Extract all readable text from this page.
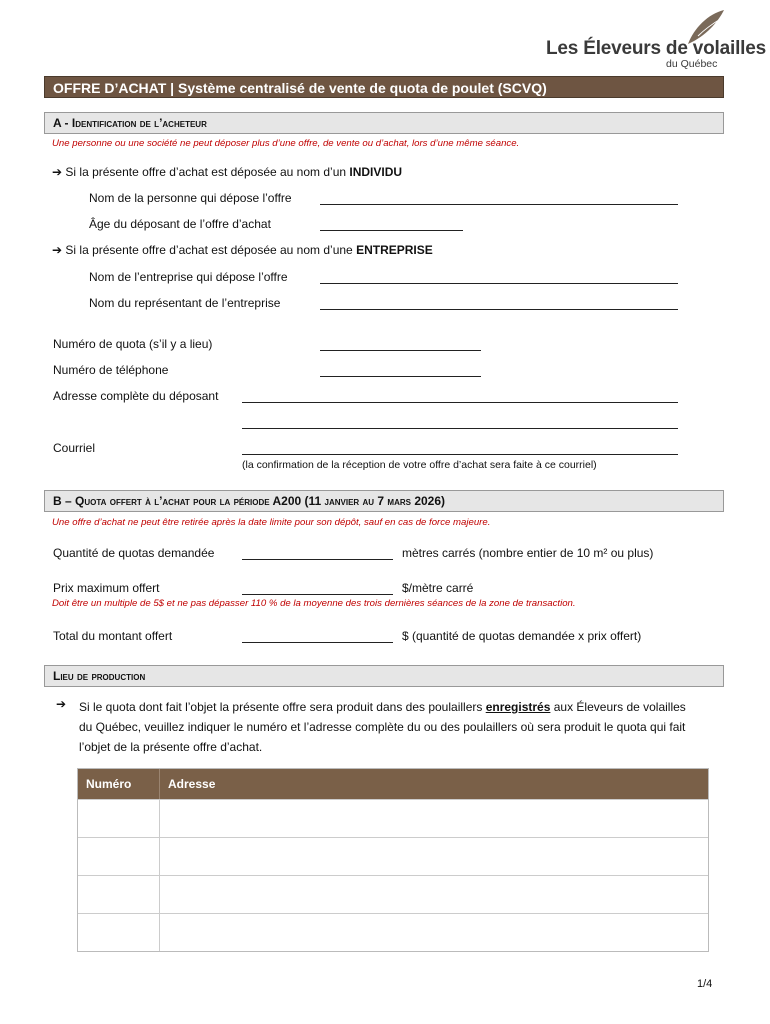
Les Éleveurs de volailles
du Québec
OFFRE D’ACHAT | Système centralisé de vente de quota de poulet (SCVQ)
A - Identification de l’acheteur
Une personne ou une société ne peut déposer plus d’une offre, de vente ou d’achat, lors d’une même séance.
➔ Si la présente offre d’achat est déposée au nom d’un INDIVIDU
Nom de la personne qui dépose l’offre
Âge du déposant de l’offre d’achat
➔ Si la présente offre d’achat est déposée au nom d’une ENTREPRISE
Nom de l’entreprise qui dépose l’offre
Nom du représentant de l’entreprise
Numéro de quota (s’il y a lieu)
Numéro de téléphone
Adresse complète du déposant
Courriel
(la confirmation de la réception de votre offre d’achat sera faite à ce courriel)
B – Quota offert à l’achat pour la période A200 (11 janvier au 7 mars 2026)
Une offre d’achat ne peut être retirée après la date limite pour son dépôt, sauf en cas de force majeure.
Quantité de quotas demandée	mètres carrés (nombre entier de 10 m² ou plus)
Prix maximum offert	$/mètre carré
Doit être un multiple de 5$ et ne pas dépasser 110 % de la moyenne des trois dernières séances de la zone de transaction.
Total du montant offert	$ (quantité de quotas demandée x prix offert)
Lieu de production
➔ Si le quota dont fait l’objet la présente offre sera produit dans des poulaillers enregistrés aux Éleveurs de volailles
du Québec, veuillez indiquer le numéro et l’adresse complète du ou des poulaillers où sera produit le quota qui fait
l’objet de la présente offre d’achat.
Numéro	Adresse
1/4
